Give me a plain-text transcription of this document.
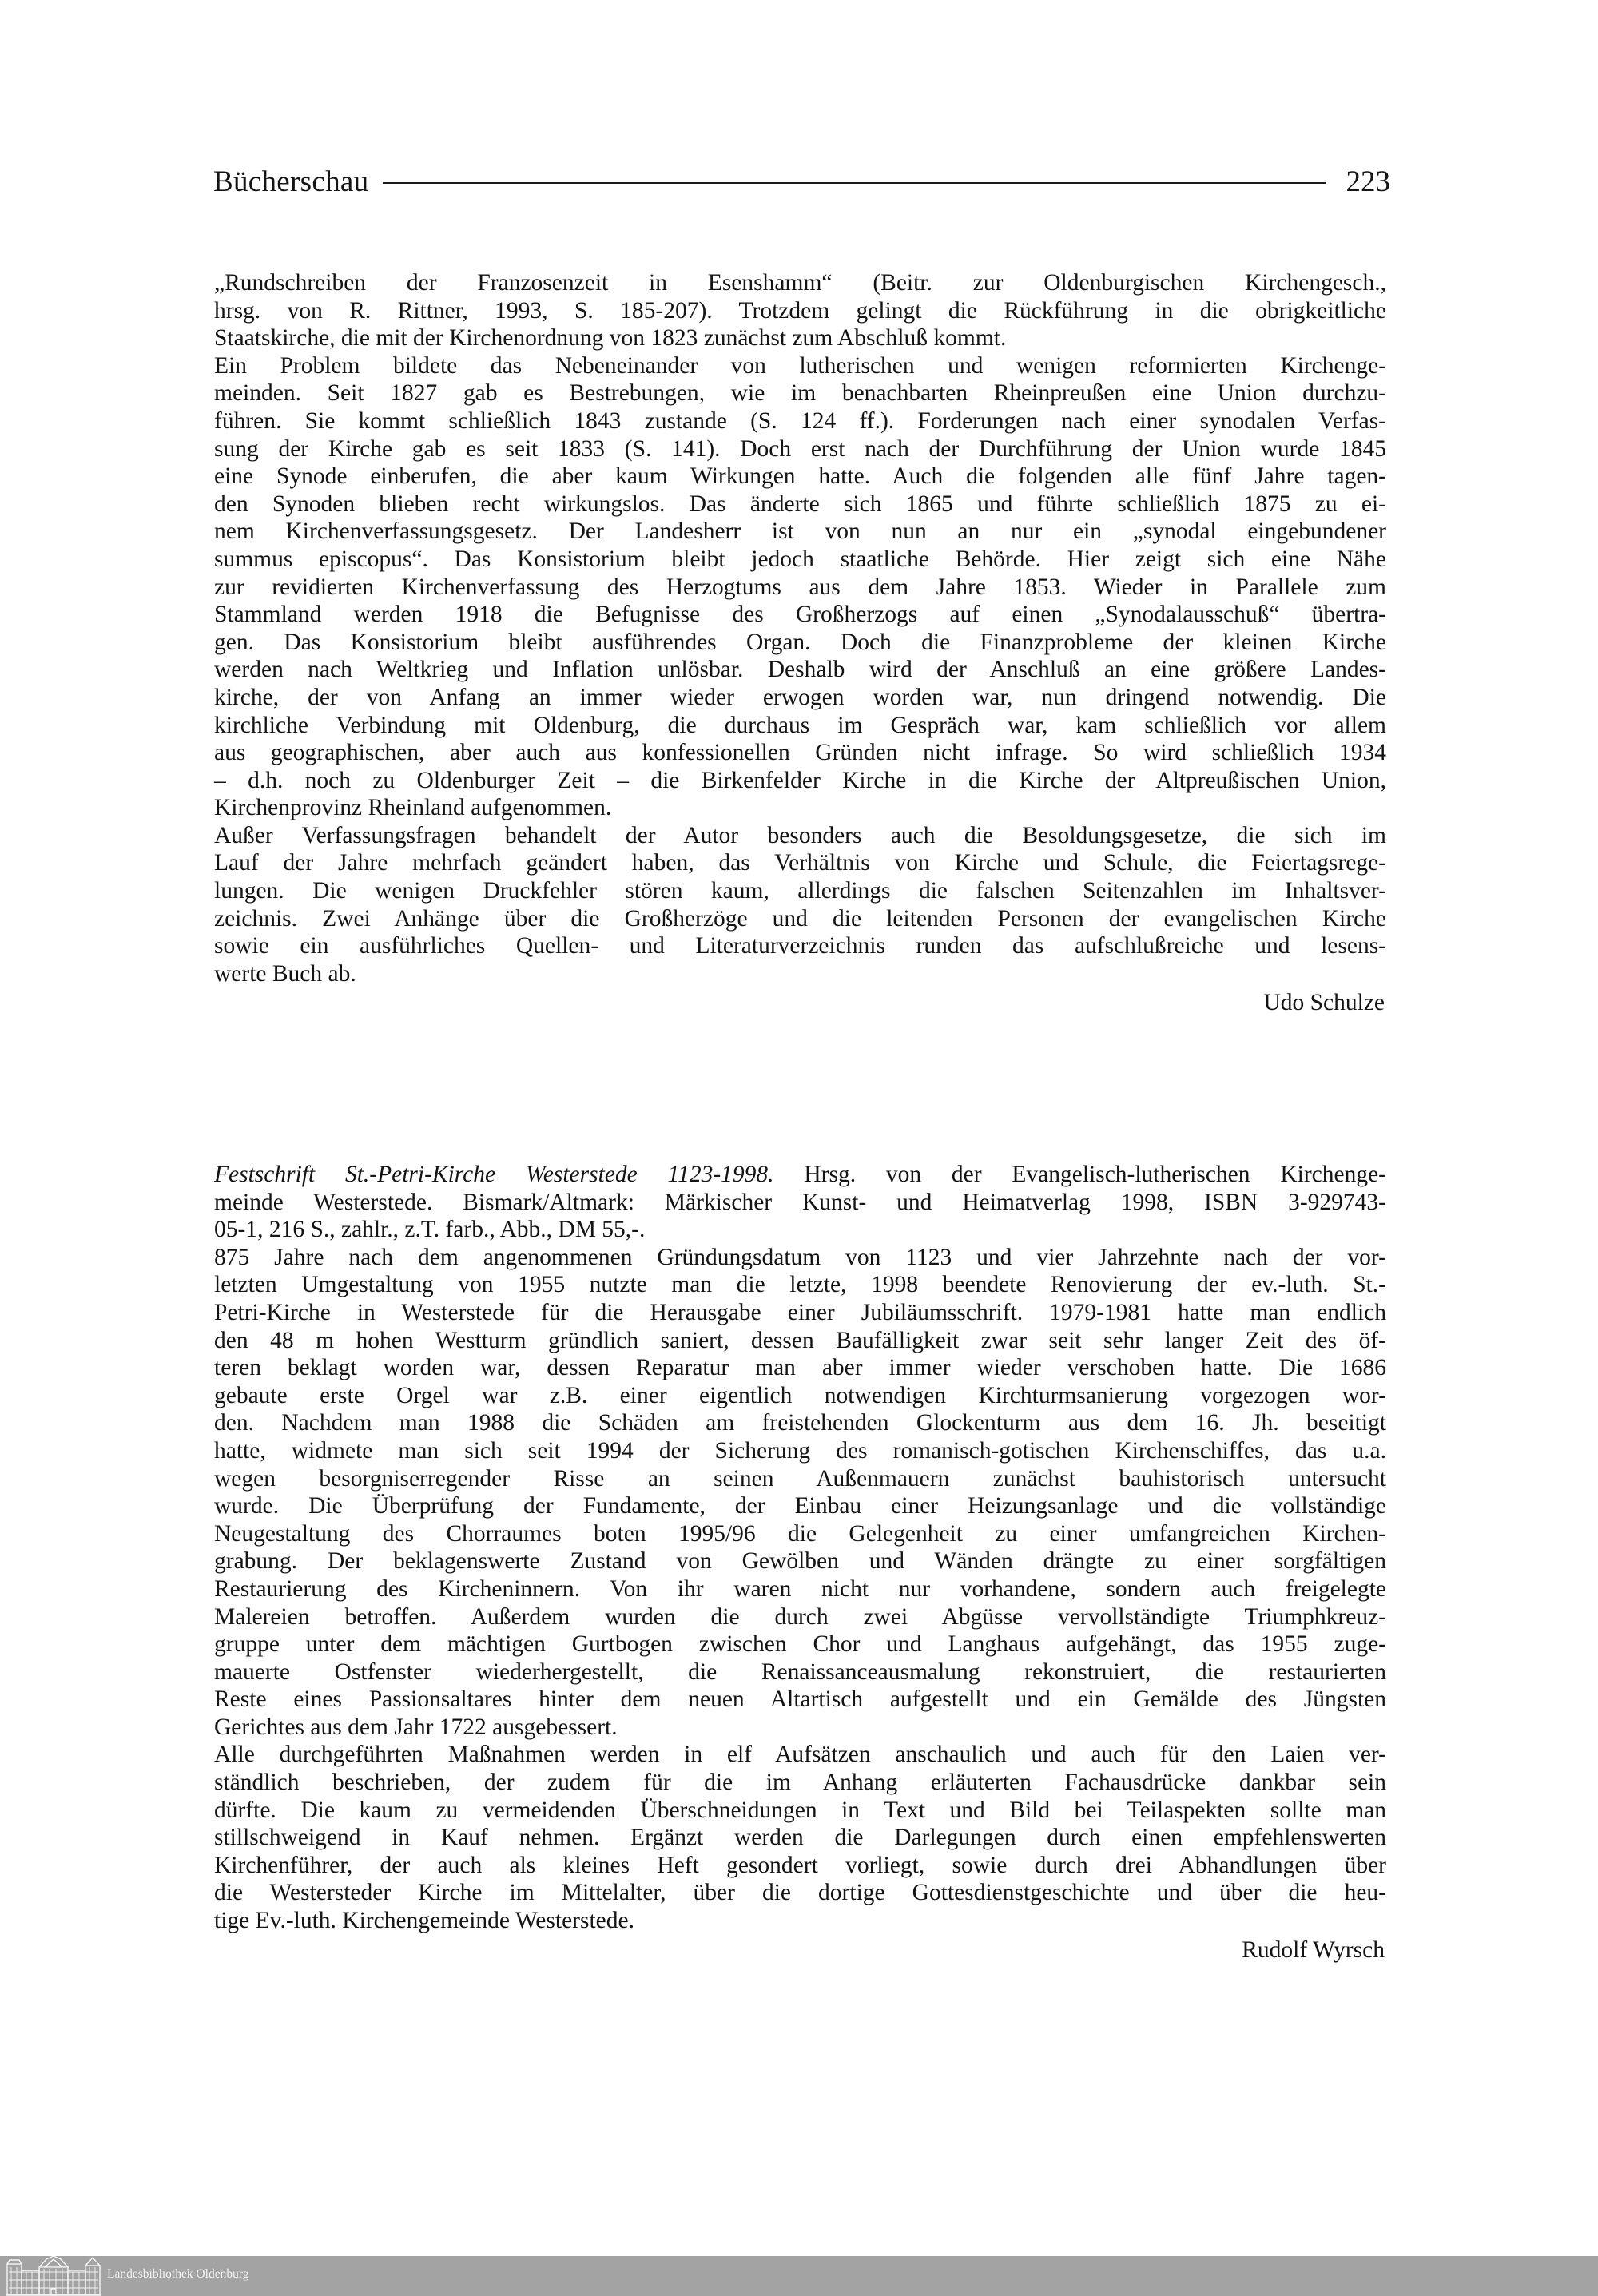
Bücherschau	223
„Rundschreiben der Franzosenzeit in Esenshamm“ (Beitr. zur Oldenburgischen Kirchengesch.,
hrsg. von R. Rittner, 1993, S. 185-207). Trotzdem gelingt die Rückführung in die obrigkeitliche
Staatskirche, die mit der Kirchenordnung von 1823 zunächst zum Abschluß kommt.
Ein Problem bildete das Nebeneinander von lutherischen und wenigen reformierten Kirchenge-
meinden. Seit 1827 gab es Bestrebungen, wie im benachbarten Rheinpreußen eine Union durchzu-
führen. Sie kommt schließlich 1843 zustande (S. 124 ff.). Forderungen nach einer synodalen Verfas-
sung der Kirche gab es seit 1833 (S. 141). Doch erst nach der Durchführung der Union wurde 1845
eine Synode einberufen, die aber kaum Wirkungen hatte. Auch die folgenden alle fünf Jahre tagen-
den Synoden blieben recht wirkungslos. Das änderte sich 1865 und führte schließlich 1875 zu ei-
nem Kirchenverfassungsgesetz. Der Landesherr ist von nun an nur ein „synodal eingebundener
summus episcopus“. Das Konsistorium bleibt jedoch staatliche Behörde. Hier zeigt sich eine Nähe
zur revidierten Kirchenverfassung des Herzogtums aus dem Jahre 1853. Wieder in Parallele zum
Stammland werden 1918 die Befugnisse des Großherzogs auf einen „Synodalausschuß“ übertra-
gen. Das Konsistorium bleibt ausführendes Organ. Doch die Finanzprobleme der kleinen Kirche
werden nach Weltkrieg und Inflation unlösbar. Deshalb wird der Anschluß an eine größere Landes-
kirche, der von Anfang an immer wieder erwogen worden war, nun dringend notwendig. Die
kirchliche Verbindung mit Oldenburg, die durchaus im Gespräch war, kam schließlich vor allem
aus geographischen, aber auch aus konfessionellen Gründen nicht infrage. So wird schließlich 1934
– d.h. noch zu Oldenburger Zeit – die Birkenfelder Kirche in die Kirche der Altpreußischen Union,
Kirchenprovinz Rheinland aufgenommen.
Außer Verfassungsfragen behandelt der Autor besonders auch die Besoldungsgesetze, die sich im
Lauf der Jahre mehrfach geändert haben, das Verhältnis von Kirche und Schule, die Feiertagsrege-
lungen. Die wenigen Druckfehler stören kaum, allerdings die falschen Seitenzahlen im Inhaltsver-
zeichnis. Zwei Anhänge über die Großherzöge und die leitenden Personen der evangelischen Kirche
sowie ein ausführliches Quellen- und Literaturverzeichnis runden das aufschlußreiche und lesens-
werte Buch ab.
Udo Schulze
Festschrift St.-Petri-Kirche Westerstede 1123-1998. Hrsg. von der Evangelisch-lutherischen Kirchenge-
meinde Westerstede. Bismark/Altmark: Märkischer Kunst- und Heimatverlag 1998, ISBN 3-929743-
05-1, 216 S., zahlr., z.T. farb., Abb., DM 55,-.
875 Jahre nach dem angenommenen Gründungsdatum von 1123 und vier Jahrzehnte nach der vor-
letzten Umgestaltung von 1955 nutzte man die letzte, 1998 beendete Renovierung der ev.-luth. St.-
Petri-Kirche in Westerstede für die Herausgabe einer Jubiläumsschrift. 1979-1981 hatte man endlich
den 48 m hohen Westturm gründlich saniert, dessen Baufälligkeit zwar seit sehr langer Zeit des öf-
teren beklagt worden war, dessen Reparatur man aber immer wieder verschoben hatte. Die 1686
gebaute erste Orgel war z.B. einer eigentlich notwendigen Kirchturmsanierung vorgezogen wor-
den. Nachdem man 1988 die Schäden am freistehenden Glockenturm aus dem 16. Jh. beseitigt
hatte, widmete man sich seit 1994 der Sicherung des romanisch-gotischen Kirchenschiffes, das u.a.
wegen besorgniserregender Risse an seinen Außenmauern zunächst bauhistorisch untersucht
wurde. Die Überprüfung der Fundamente, der Einbau einer Heizungsanlage und die vollständige
Neugestaltung des Chorraumes boten 1995/96 die Gelegenheit zu einer umfangreichen Kirchen-
grabung. Der beklagenswerte Zustand von Gewölben und Wänden drängte zu einer sorgfältigen
Restaurierung des Kircheninnern. Von ihr waren nicht nur vorhandene, sondern auch freigelegte
Malereien betroffen. Außerdem wurden die durch zwei Abgüsse vervollständigte Triumphkreuz-
gruppe unter dem mächtigen Gurtbogen zwischen Chor und Langhaus aufgehängt, das 1955 zuge-
mauerte Ostfenster wiederhergestellt, die Renaissanceausmalung rekonstruiert, die restaurierten
Reste eines Passionsaltares hinter dem neuen Altartisch aufgestellt und ein Gemälde des Jüngsten
Gerichtes aus dem Jahr 1722 ausgebessert.
Alle durchgeführten Maßnahmen werden in elf Aufsätzen anschaulich und auch für den Laien ver-
ständlich beschrieben, der zudem für die im Anhang erläuterten Fachausdrücke dankbar sein
dürfte. Die kaum zu vermeidenden Überschneidungen in Text und Bild bei Teilaspekten sollte man
stillschweigend in Kauf nehmen. Ergänzt werden die Darlegungen durch einen empfehlenswerten
Kirchenführer, der auch als kleines Heft gesondert vorliegt, sowie durch drei Abhandlungen über
die Westersteder Kirche im Mittelalter, über die dortige Gottesdienstgeschichte und über die heu-
tige Ev.-luth. Kirchengemeinde Westerstede.
Rudolf Wyrsch
Landesbibliothek Oldenburg
